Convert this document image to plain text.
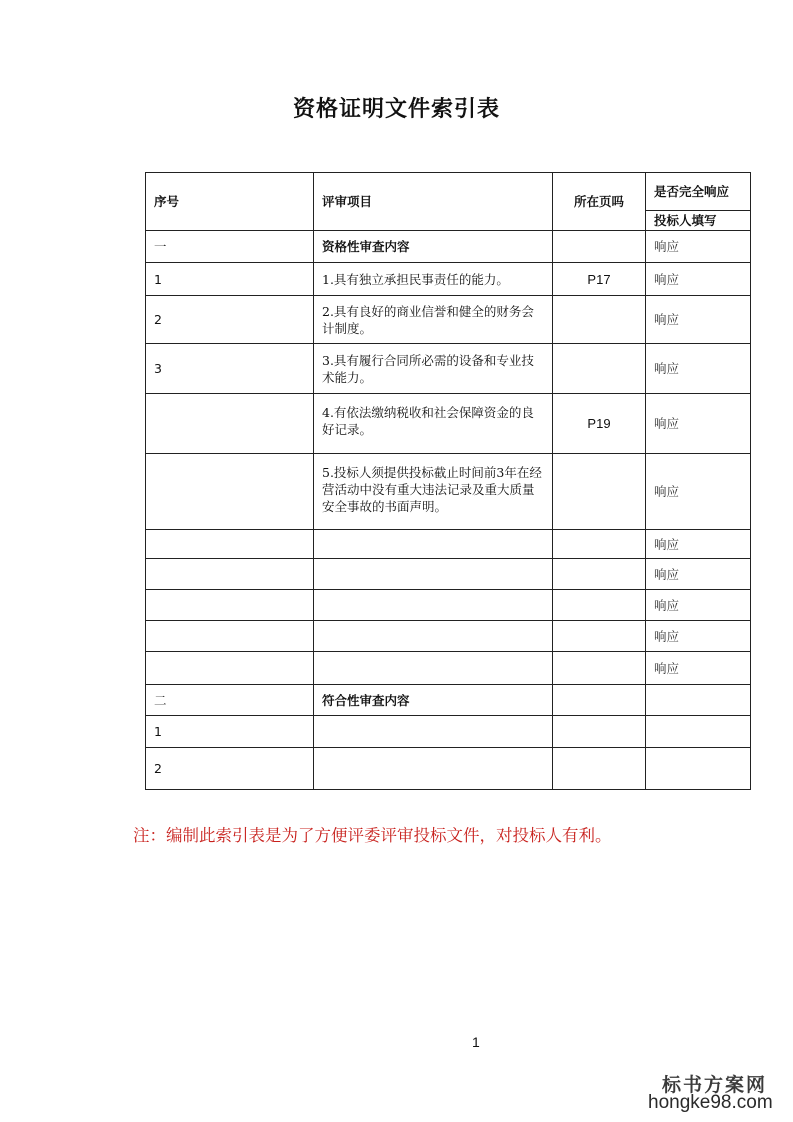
资格证明文件索引表
序号	评审项目	所在页吗	是否完全响应
			投标人填写
一	资格性审查内容		响应
1	1.具有独立承担民事责任的能力。	P17	响应
2	2.具有良好的商业信誉和健全的财务会计制度。		响应
3	3.具有履行合同所必需的设备和专业技术能力。		响应
	4.有依法缴纳税收和社会保障资金的良好记录。	P19	响应
	5.投标人须提供投标截止时间前3年在经营活动中没有重大违法记录及重大质量安全事故的书面声明。		响应
			响应
			响应
			响应
			响应
			响应
二	符合性审查内容		
1			
2			
注：编制此索引表是为了方便评委评审投标文件，对投标人有利。
1
标书方案网
hongke98.com
